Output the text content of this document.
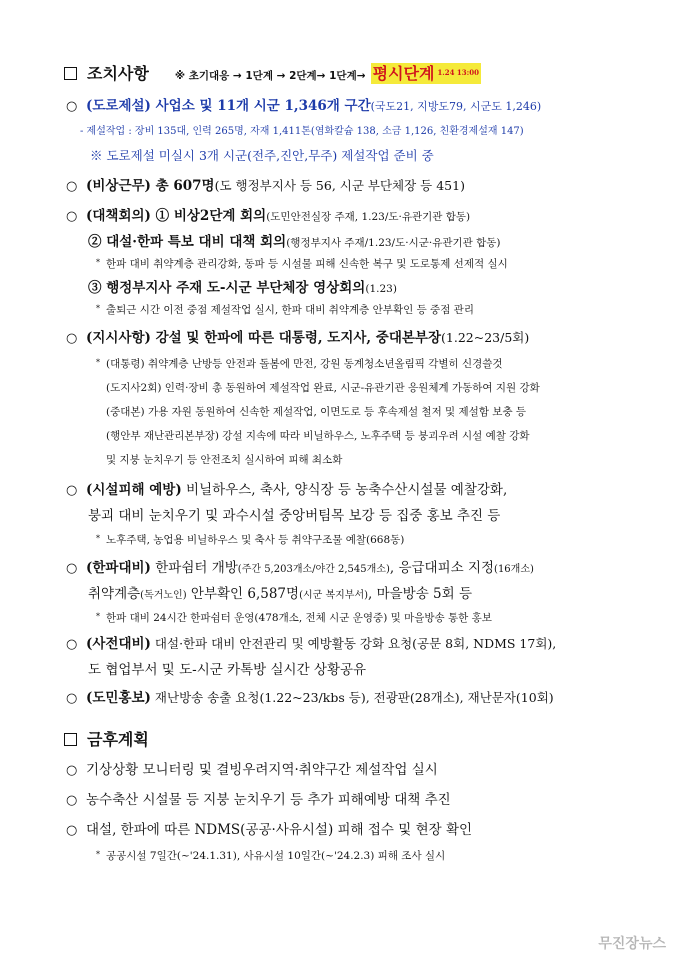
조치사항 ※ 초기대응 → 1단계 → 2단계→ 1단계→ 평시단계 $^{1.24 13:00}$
○ (도로제설) 사업소 및 11개 시군 1,346개 구간(국도21, 지방도79, 시군도 1,246)
- 제설작업 : 장비 135대, 인력 265명, 자재 1,411톤(염화칼슘 138, 소금 1,126, 친환경제설재 147)
※ 도로제설 미실시 3개 시군(전주,진안,무주) 제설작업 준비 중
○ (비상근무) 총 607명(도 행정부지사 등 56, 시군 부단체장 등 451)
○ (대책회의) ① 비상2단계 회의(도민안전실장 주재, 1.23/도·유관기관 합동)
② 대설·한파 특보 대비 대책 회의(행정부지사 주재/1.23/도·시군·유관기관 합동)
* 한파 대비 취약계층 관리강화, 동파 등 시설물 피해 신속한 복구 및 도로통제 선제적 실시
③ 행정부지사 주재 도-시군 부단체장 영상회의(1.23)
* 출퇴근 시간 이전 중점 제설작업 실시, 한파 대비 취약계층 안부확인 등 중점 관리
○ (지시사항) 강설 및 한파에 따른 대통령, 도지사, 중대본부장(1.22~23/5회)
* (대통령) 취약계층 난방등 안전과 돌봄에 만전, 강원 동계청소년올림픽 각별히 신경쓸것
(도지사2회) 인력·장비 총 동원하여 제설작업 완료, 시군-유관기관 응원체계 가동하여 지원 강화
(중대본) 가용 자원 동원하여 신속한 제설작업, 이면도로 등 후속제설 철저 및 제설함 보충 등
(행안부 재난관리본부장) 강설 지속에 따라 비닐하우스, 노후주택 등 붕괴우려 시설 예찰 강화
및 지붕 눈치우기 등 안전조치 실시하여 피해 최소화
○ (시설피해 예방) 비닐하우스, 축사, 양식장 등 농축수산시설물 예찰강화,
붕괴 대비 눈치우기 및 과수시설 중앙버팀목 보강 등 집중 홍보 추진 등
* 노후주택, 농업용 비닐하우스 및 축사 등 취약구조물 예찰(668동)
○ (한파대비) 한파쉼터 개방(주간 5,203개소/야간 2,545개소), 응급대피소 지정(16개소)
취약계층(독거노인) 안부확인 6,587명(시군 복지부서), 마을방송 5회 등
* 한파 대비 24시간 한파쉼터 운영(478개소, 전체 시군 운영중) 및 마을방송 통한 홍보
○ (사전대비) 대설·한파 대비 안전관리 및 예방활동 강화 요청(공문 8회, NDMS 17회),
도 협업부서 및 도-시군 카톡방 실시간 상황공유
○ (도민홍보) 재난방송 송출 요청(1.22~23/kbs 등), 전광판(28개소), 재난문자(10회)
금후계획
○ 기상상황 모니터링 및 결빙우려지역·취약구간 제설작업 실시
○ 농수축산 시설물 등 지붕 눈치우기 등 추가 피해예방 대책 추진
○ 대설, 한파에 따른 NDMS(공공·사유시설) 피해 접수 및 현장 확인
* 공공시설 7일간(~'24.1.31), 사유시설 10일간(~'24.2.3) 피해 조사 실시
무진장뉴스
